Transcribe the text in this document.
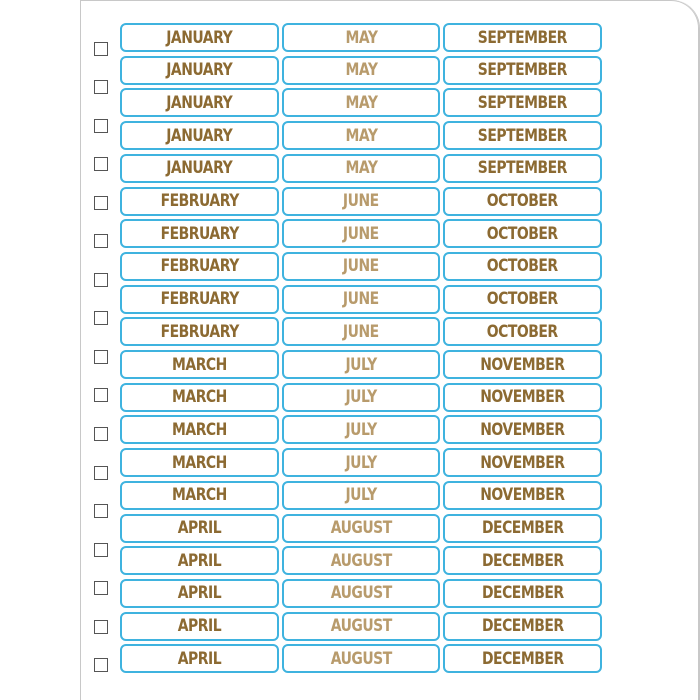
JANUARY
JANUARY
JANUARY
JANUARY
JANUARY
FEBRUARY
FEBRUARY
FEBRUARY
FEBRUARY
FEBRUARY
MARCH
MARCH
MARCH
MARCH
MARCH
APRIL
APRIL
APRIL
APRIL
APRIL
MAY
MAY
MAY
MAY
MAY
JUNE
JUNE
JUNE
JUNE
JUNE
JULY
JULY
JULY
JULY
JULY
AUGUST
AUGUST
AUGUST
AUGUST
AUGUST
SEPTEMBER
SEPTEMBER
SEPTEMBER
SEPTEMBER
SEPTEMBER
OCTOBER
OCTOBER
OCTOBER
OCTOBER
OCTOBER
NOVEMBER
NOVEMBER
NOVEMBER
NOVEMBER
NOVEMBER
DECEMBER
DECEMBER
DECEMBER
DECEMBER
DECEMBER
